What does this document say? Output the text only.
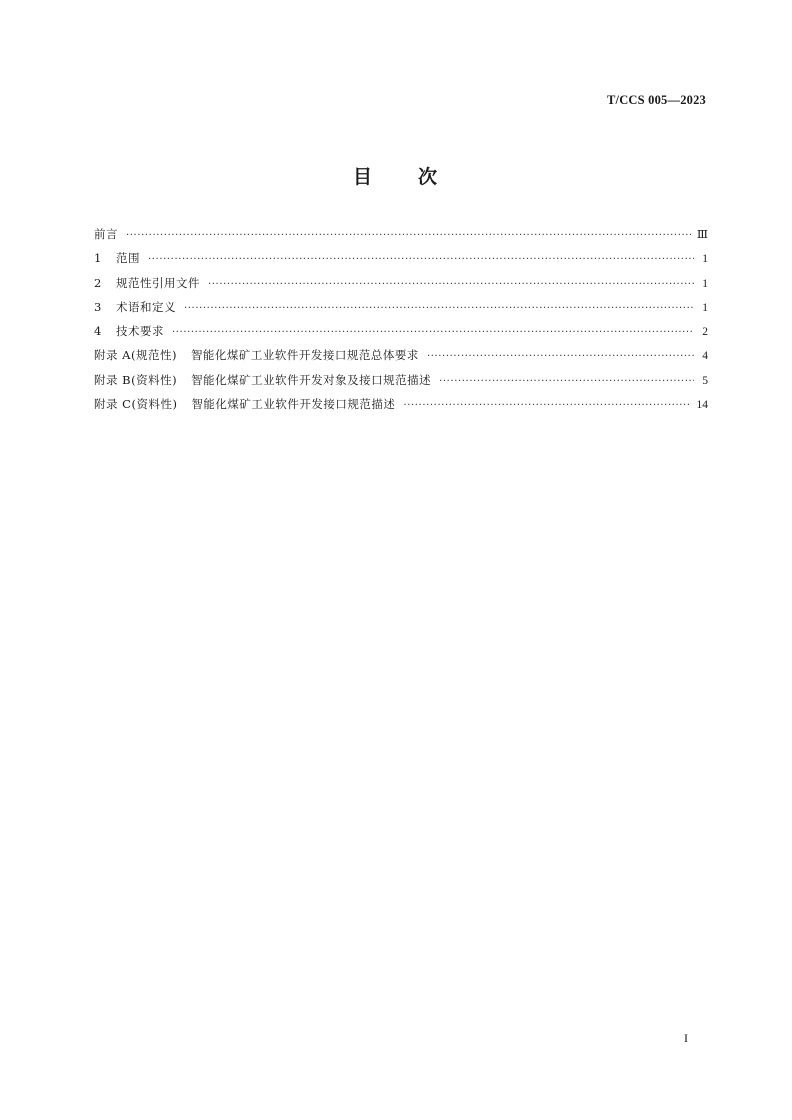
T/CCS 005—2023
目 次
前言 ·····	Ⅲ
1	范围 ·····	1
2	规范性引用文件 ·····	1
3	术语和定义 ·····	1
4	技术要求 ·····	2
附录 A(规范性) 智能化煤矿工业软件开发接口规范总体要求 ·····	4
附录 B(资料性) 智能化煤矿工业软件开发对象及接口规范描述 ·····	5
附录 C(资料性) 智能化煤矿工业软件开发接口规范描述 ·····	14
I
